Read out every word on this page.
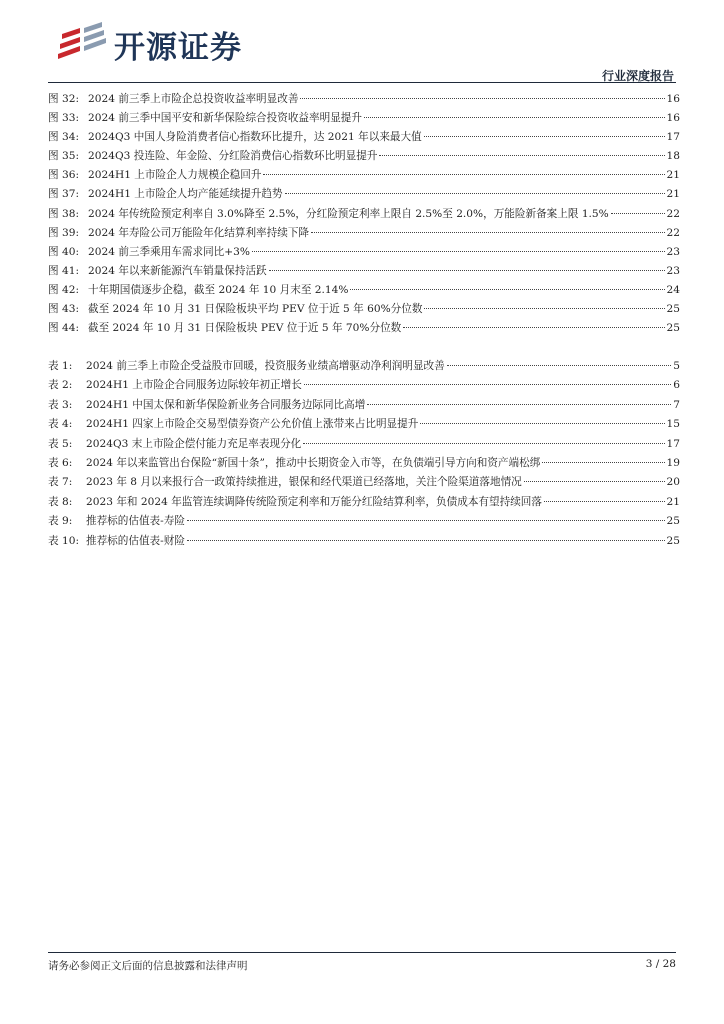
开源证券
行业深度报告
图 32: 2024 前三季上市险企总投资收益率明显改善	16
图 33: 2024 前三季中国平安和新华保险综合投资收益率明显提升	16
图 34: 2024Q3 中国人身险消费者信心指数环比提升，达 2021 年以来最大值	17
图 35: 2024Q3 投连险、年金险、分红险消费信心指数环比明显提升	18
图 36: 2024H1 上市险企人力规模企稳回升	21
图 37: 2024H1 上市险企人均产能延续提升趋势	21
图 38: 2024 年传统险预定利率自 3.0%降至 2.5%，分红险预定利率上限自 2.5%至 2.0%，万能险新备案上限 1.5%	22
图 39: 2024 年寿险公司万能险年化结算利率持续下降	22
图 40: 2024 前三季乘用车需求同比+3%	23
图 41: 2024 年以来新能源汽车销量保持活跃	23
图 42: 十年期国债逐步企稳，截至 2024 年 10 月末至 2.14%	24
图 43: 截至 2024 年 10 月 31 日保险板块平均 PEV 位于近 5 年 60%分位数	25
图 44: 截至 2024 年 10 月 31 日保险板块 PEV 位于近 5 年 70%分位数	25
表 1:	2024 前三季上市险企受益股市回暖，投资服务业绩高增驱动净利润明显改善	5
表 2:	2024H1 上市险企合同服务边际较年初正增长	6
表 3:	2024H1 中国太保和新华保险新业务合同服务边际同比高增	7
表 4:	2024H1 四家上市险企交易型债券资产公允价值上涨带来占比明显提升	15
表 5:	2024Q3 末上市险企偿付能力充足率表现分化	17
表 6:	2024 年以来监管出台保险“新国十条”，推动中长期资金入市等，在负债端引导方向和资产端松绑	19
表 7:	2023 年 8 月以来报行合一政策持续推进，银保和经代渠道已经落地，关注个险渠道落地情况	20
表 8:	2023 年和 2024 年监管连续调降传统险预定利率和万能分红险结算利率，负债成本有望持续回落	21
表 9:	推荐标的估值表-寿险	25
表 10: 推荐标的估值表-财险	25
请务必参阅正文后面的信息披露和法律声明	3 / 28
